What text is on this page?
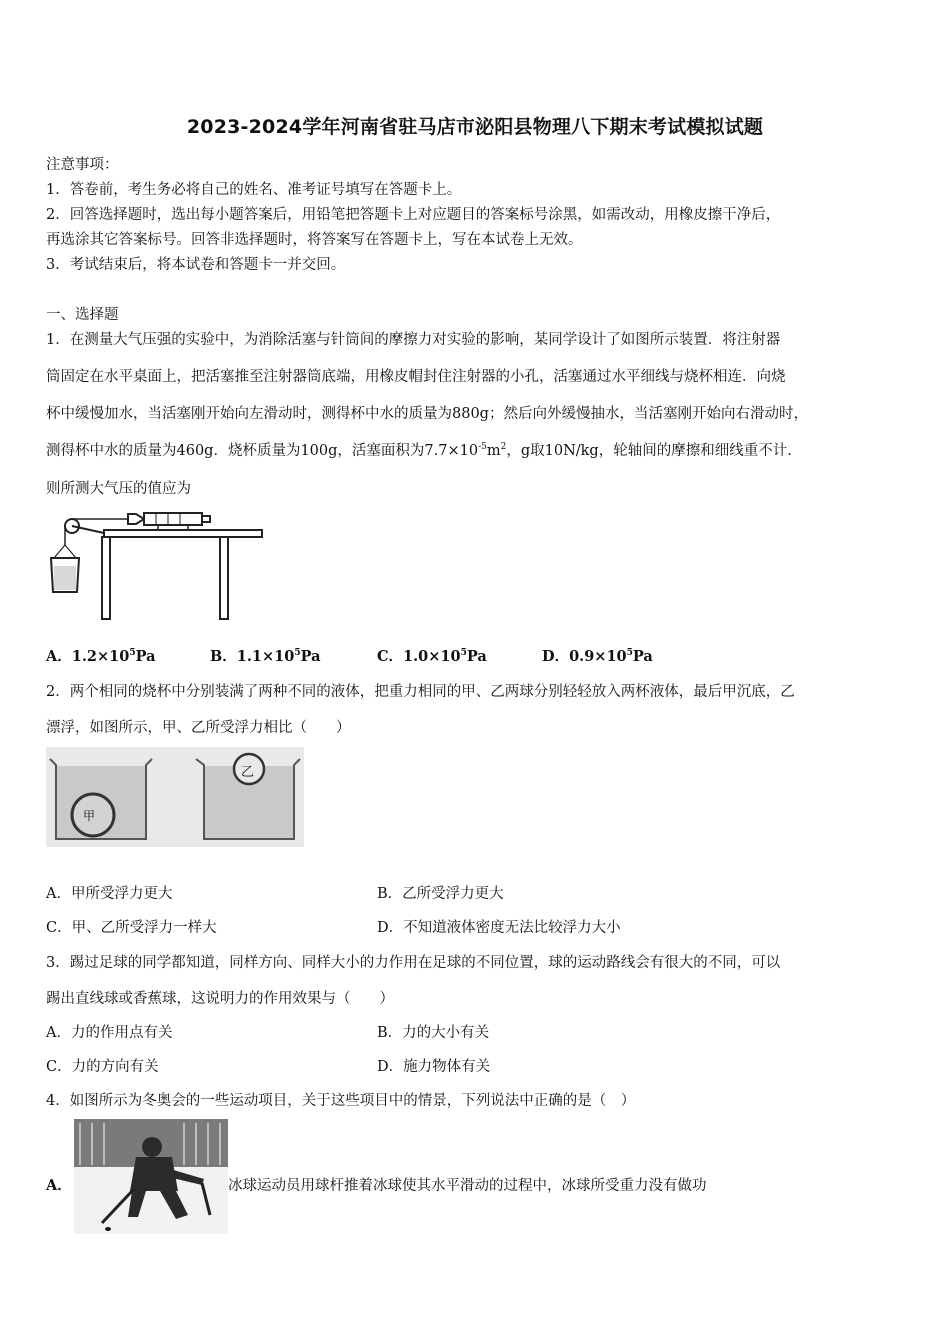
2023-2024学年河南省驻马店市泌阳县物理八下期末考试模拟试题
注意事项：
1．答卷前，考生务必将自己的姓名、准考证号填写在答题卡上。
2．回答选择题时，选出每小题答案后，用铅笔把答题卡上对应题目的答案标号涂黑，如需改动，用橡皮擦干净后，
再选涂其它答案标号。回答非选择题时，将答案写在答题卡上，写在本试卷上无效。
3．考试结束后，将本试卷和答题卡一并交回。
一、选择题
1．在测量大气压强的实验中，为消除活塞与针筒间的摩擦力对实验的影响，某同学设计了如图所示装置．将注射器
筒固定在水平桌面上，把活塞推至注射器筒底端，用橡皮帽封住注射器的小孔，活塞通过水平细线与烧杯相连．向烧
杯中缓慢加水，当活塞刚开始向左滑动时，测得杯中水的质量为880g；然后向外缓慢抽水，当活塞刚开始向右滑动时，
测得杯中水的质量为460g．烧杯质量为100g，活塞面积为$7.7\times 10^{-5}m^2$，g取10N/kg，轮轴间的摩擦和细线重不计．
则所测大气压的值应为
A．$1.2\times 10^5Pa$	B．$1.1\times 10^5Pa$	C．$1.0\times 10^5Pa$	D．$0.9\times 10^5Pa$
2．两个相同的烧杯中分别装满了两种不同的液体，把重力相同的甲、乙两球分别轻轻放入两杯液体，最后甲沉底，乙
漂浮，如图所示，甲、乙所受浮力相比（　　）
甲
乙
A．甲所受浮力更大	B．乙所受浮力更大
C．甲、乙所受浮力一样大	D．不知道液体密度无法比较浮力大小
3．踢过足球的同学都知道，同样方向、同样大小的力作用在足球的不同位置，球的运动路线会有很大的不同，可以
踢出直线球或香蕉球，这说明力的作用效果与（　　）
A．力的作用点有关	B．力的大小有关
C．力的方向有关	D．施力物体有关
4．如图所示为冬奥会的一些运动项目，关于这些项目中的情景，下列说法中正确的是（　）
A．	冰球运动员用球杆推着冰球使其水平滑动的过程中，冰球所受重力没有做功
